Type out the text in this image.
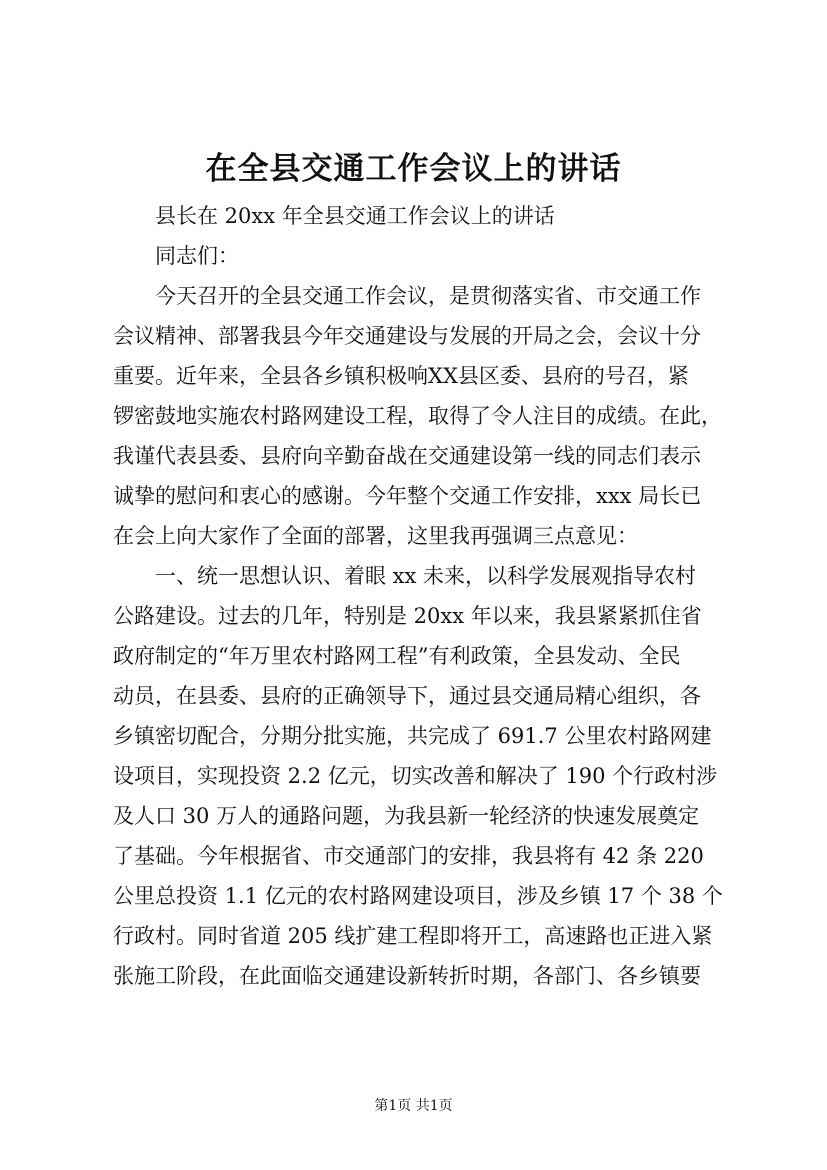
在全县交通工作会议上的讲话
县长在 20xx 年全县交通工作会议上的讲话
同志们：
今天召开的全县交通工作会议，是贯彻落实省、市交通工作
会议精神、部署我县今年交通建设与发展的开局之会，会议十分
重要。近年来，全县各乡镇积极响XX县区委、县府的号召，紧
锣密鼓地实施农村路网建设工程，取得了令人注目的成绩。在此，
我谨代表县委、县府向辛勤奋战在交通建设第一线的同志们表示
诚挚的慰问和衷心的感谢。今年整个交通工作安排，xxx 局长已
在会上向大家作了全面的部署，这里我再强调三点意见：
一、统一思想认识、着眼 xx 未来，以科学发展观指导农村
公路建设。过去的几年，特别是 20xx 年以来，我县紧紧抓住省
政府制定的“年万里农村路网工程”有利政策，全县发动、全民
动员，在县委、县府的正确领导下，通过县交通局精心组织，各
乡镇密切配合，分期分批实施，共完成了 691.7 公里农村路网建
设项目，实现投资 2.2 亿元，切实改善和解决了 190 个行政村涉
及人口 30 万人的通路问题，为我县新一轮经济的快速发展奠定
了基础。今年根据省、市交通部门的安排，我县将有 42 条 220
公里总投资 1.1 亿元的农村路网建设项目，涉及乡镇 17 个 38 个
行政村。同时省道 205 线扩建工程即将开工，高速路也正进入紧
张施工阶段，在此面临交通建设新转折时期，各部门、各乡镇要
第1页 共1页
